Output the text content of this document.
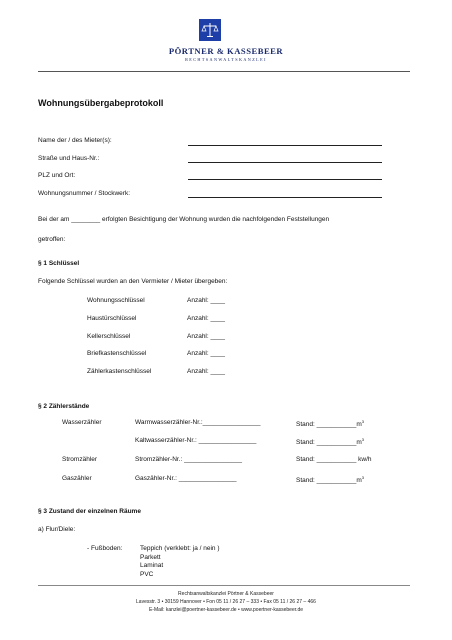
PÖRTNER & KASSEBEER
RECHTSANWALTSKANZLEI
Wohnungsübergabeprotokoll
Name der / des Mieter(s):
Straße und Haus-Nr.:
PLZ und Ort:
Wohnungsnummer / Stockwerk:
Bei der am ________ erfolgten Besichtigung der Wohnung wurden die nachfolgenden Feststellungen
getroffen:
§ 1 Schlüssel
Folgende Schlüssel wurden an den Vermieter / Mieter übergeben:
Wohnungsschlüssel	Anzahl: ____
Haustürschlüssel	Anzahl: ____
Kellerschlüssel	Anzahl: ____
Briefkastenschlüssel	Anzahl: ____
Zählerkastenschlüssel	Anzahl: ____
§ 2 Zählerstände
Wasserzähler	Warmwasserzähler-Nr.:________________	Stand: $\_\_\_\_\_\_\_\_\_\_\_m^3$
Kaltwasserzähler-Nr.: ________________	Stand: $\_\_\_\_\_\_\_\_\_\_\_m^3$
Stromzähler	Stromzähler-Nr.: ________________	Stand: ___________ kw/h
Gaszähler	Gaszähler-Nr.: ________________	Stand: $\_\_\_\_\_\_\_\_\_\_\_m^3$
§ 3 Zustand der einzelnen Räume
a) Flur/Diele:
- Fußboden:	Teppich (verklebt: ja / nein )
Parkett
Laminat
PVC
Rechtsanwaltskanzlei Pörtner & Kassebeer
Lavesstr. 3 • 30159 Hannover • Fon 05 11 / 26 27 – 333 • Fax 05 11 / 26 27 – 466
E-Mail: kanzlei@poertner-kassebeer.de • www.poertner-kassebeer.de
